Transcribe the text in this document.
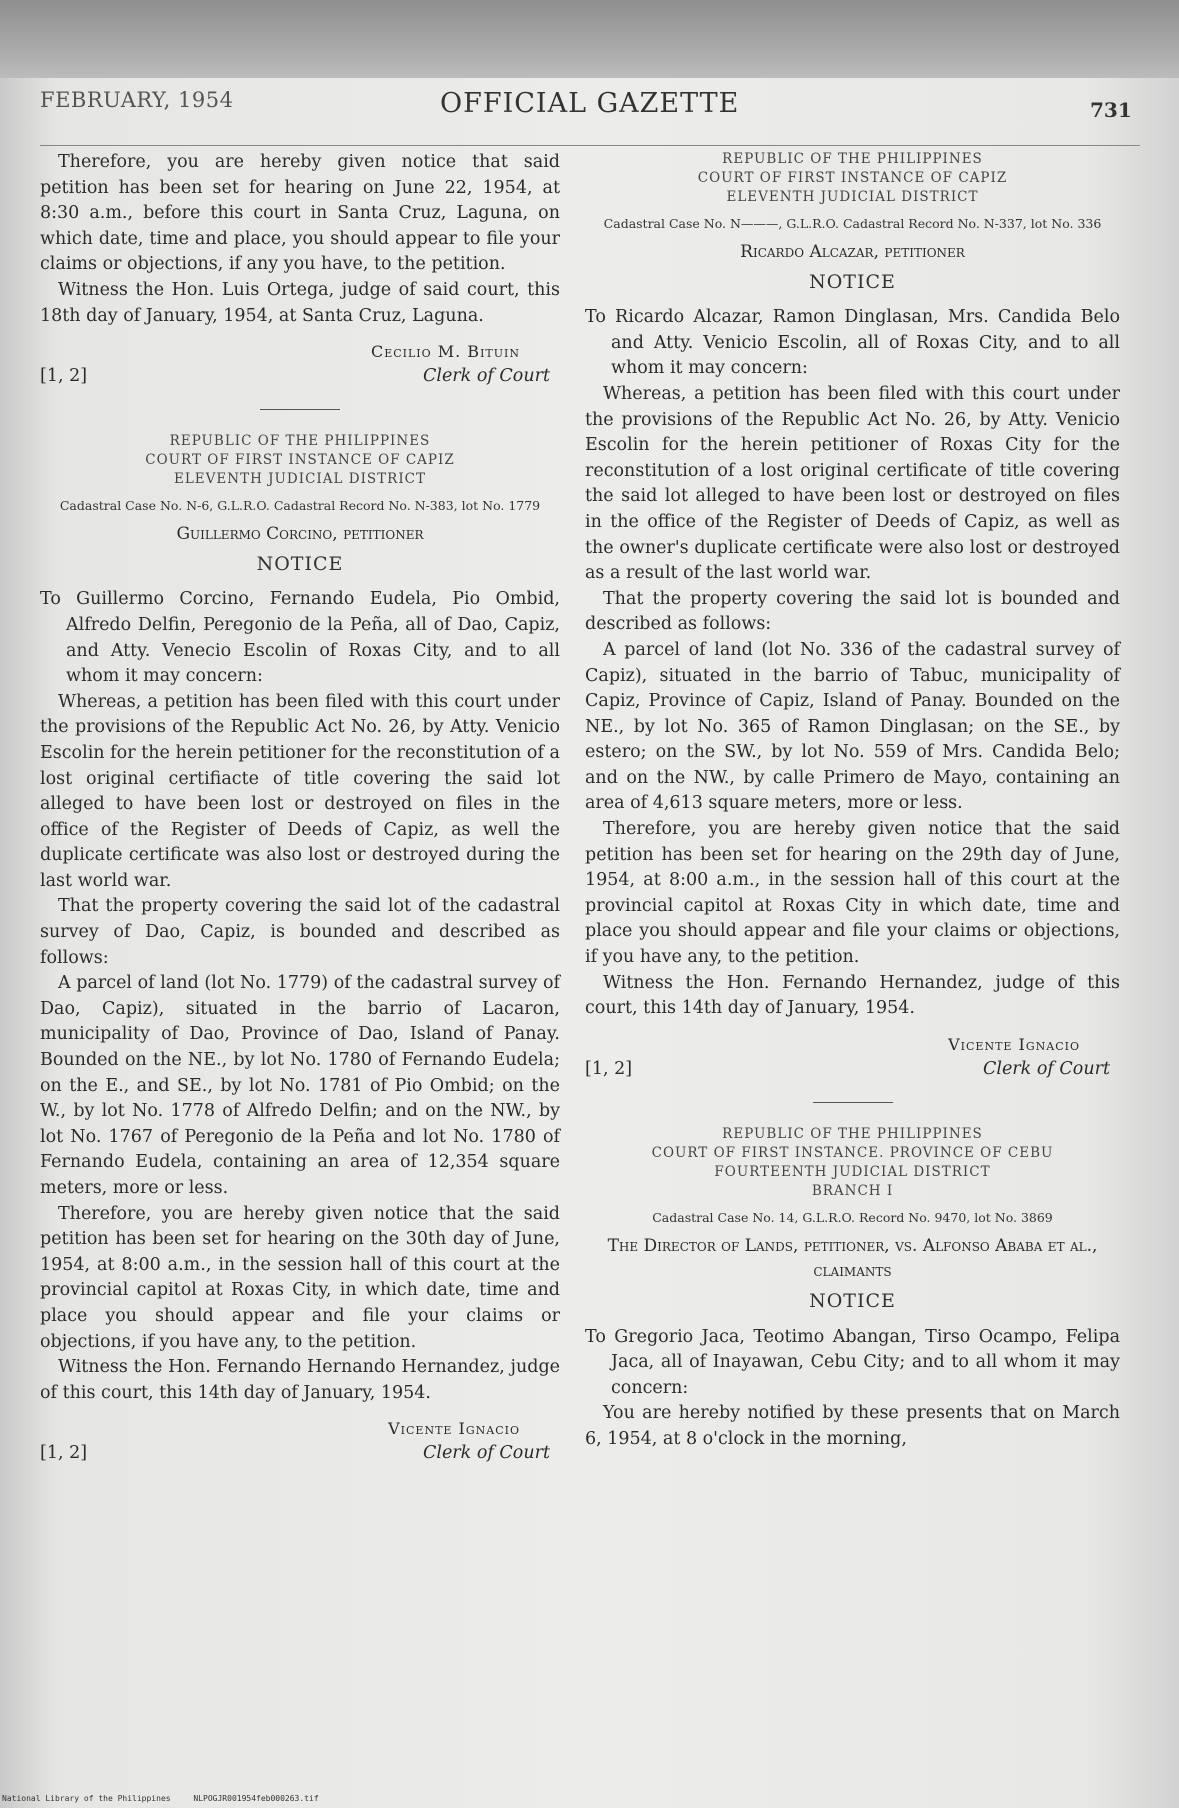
FEBRUARY, 1954	OFFICIAL GAZETTE	731

Therefore, you are hereby given notice that said petition has been set for hearing on June 22, 1954, at 8:30 a.m., before this court in Santa Cruz, Laguna, on which date, time and place, you should appear to file your claims or objections, if any you have, to the petition.

Witness the Hon. Luis Ortega, judge of said court, this 18th day of January, 1954, at Santa Cruz, Laguna.

Cecilio M. Bituin
[1, 2]	Clerk of Court
REPUBLIC OF THE PHILIPPINES
COURT OF FIRST INSTANCE OF CAPIZ
ELEVENTH JUDICIAL DISTRICT
Cadastral Case No. N-6, G.L.R.O. Cadastral Record No. N-383, lot No. 1779
Guillermo Corcino, petitioner
NOTICE

To Guillermo Corcino, Fernando Eudela, Pio Ombid, Alfredo Delfin, Peregonio de la Peña, all of Dao, Capiz, and Atty. Venecio Escolin of Roxas City, and to all whom it may concern:

Whereas, a petition has been filed with this court under the provisions of the Republic Act No. 26, by Atty. Venicio Escolin for the herein petitioner for the reconstitution of a lost original certifiacte of title covering the said lot alleged to have been lost or destroyed on files in the office of the Register of Deeds of Capiz, as well the duplicate certificate was also lost or destroyed during the last world war.

That the property covering the said lot of the cadastral survey of Dao, Capiz, is bounded and described as follows:

A parcel of land (lot No. 1779) of the cadastral survey of Dao, Capiz), situated in the barrio of Lacaron, municipality of Dao, Province of Dao, Island of Panay. Bounded on the NE., by lot No. 1780 of Fernando Eudela; on the E., and SE., by lot No. 1781 of Pio Ombid; on the W., by lot No. 1778 of Alfredo Delfin; and on the NW., by lot No. 1767 of Peregonio de la Peña and lot No. 1780 of Fernando Eudela, containing an area of 12,354 square meters, more or less.

Therefore, you are hereby given notice that the said petition has been set for hearing on the 30th day of June, 1954, at 8:00 a.m., in the session hall of this court at the provincial capitol at Roxas City, in which date, time and place you should appear and file your claims or objections, if you have any, to the petition.

Witness the Hon. Fernando Hernando Hernandez, judge of this court, this 14th day of January, 1954.

Vicente Ignacio
[1, 2]	Clerk of Court
REPUBLIC OF THE PHILIPPINES
COURT OF FIRST INSTANCE OF CAPIZ
ELEVENTH JUDICIAL DISTRICT
Cadastral Case No. N———, G.L.R.O. Cadastral Record No. N-337, lot No. 336
Ricardo Alcazar, petitioner
NOTICE

To Ricardo Alcazar, Ramon Dinglasan, Mrs. Candida Belo and Atty. Venicio Escolin, all of Roxas City, and to all whom it may concern:

Whereas, a petition has been filed with this court under the provisions of the Republic Act No. 26, by Atty. Venicio Escolin for the herein petitioner of Roxas City for the reconstitution of a lost original certificate of title covering the said lot alleged to have been lost or destroyed on files in the office of the Register of Deeds of Capiz, as well as the owner's duplicate certificate were also lost or destroyed as a result of the last world war.

That the property covering the said lot is bounded and described as follows:

A parcel of land (lot No. 336 of the cadastral survey of Capiz), situated in the barrio of Tabuc, municipality of Capiz, Province of Capiz, Island of Panay. Bounded on the NE., by lot No. 365 of Ramon Dinglasan; on the SE., by estero; on the SW., by lot No. 559 of Mrs. Candida Belo; and on the NW., by calle Primero de Mayo, containing an area of 4,613 square meters, more or less.

Therefore, you are hereby given notice that the said petition has been set for hearing on the 29th day of June, 1954, at 8:00 a.m., in the session hall of this court at the provincial capitol at Roxas City in which date, time and place you should appear and file your claims or objections, if you have any, to the petition.

Witness the Hon. Fernando Hernandez, judge of this court, this 14th day of January, 1954.

Vicente Ignacio
[1, 2]	Clerk of Court
REPUBLIC OF THE PHILIPPINES
COURT OF FIRST INSTANCE. PROVINCE OF CEBU
FOURTEENTH JUDICIAL DISTRICT
BRANCH I
Cadastral Case No. 14, G.L.R.O. Record No. 9470, lot No. 3869
The Director of Lands, petitioner, vs. Alfonso Ababa et al., claimants
NOTICE

To Gregorio Jaca, Teotimo Abangan, Tirso Ocampo, Felipa Jaca, all of Inayawan, Cebu City; and to all whom it may concern:

You are hereby notified by these presents that on March 6, 1954, at 8 o'clock in the morning,

National Library of the Philippines	NLPOGJR001954feb000263.tif
